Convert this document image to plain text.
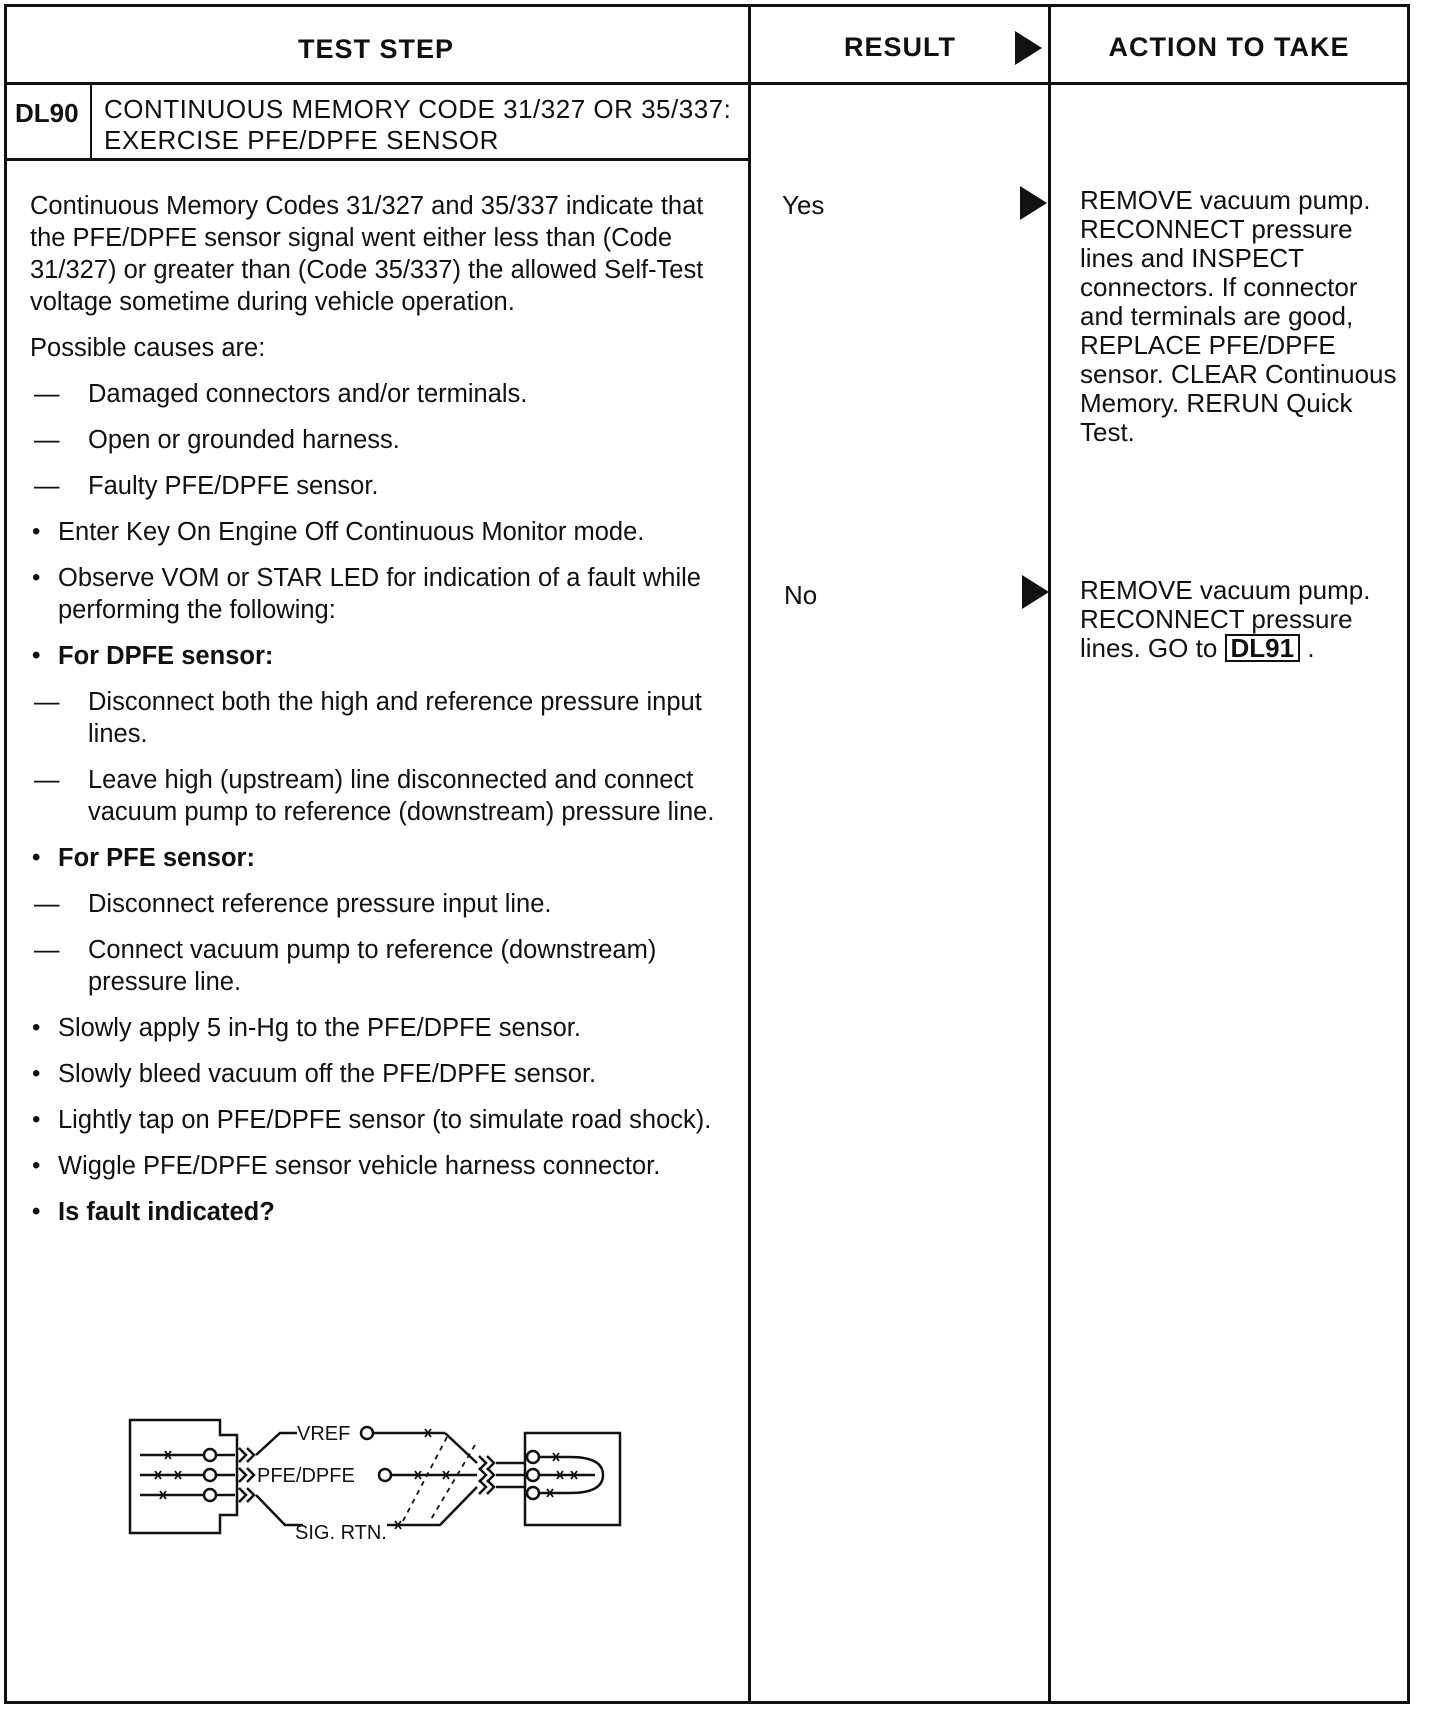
TEST STEP	RESULT	ACTION TO TAKE
DL90 CONTINUOUS MEMORY CODE 31/327 OR 35/337: EXERCISE PFE/DPFE SENSOR

Continuous Memory Codes 31/327 and 35/337 indicate that the PFE/DPFE sensor signal went either less than (Code 31/327) or greater than (Code 35/337) the allowed Self-Test voltage sometime during vehicle operation.

Possible causes are:

— Damaged connectors and/or terminals.
— Open or grounded harness.
— Faulty PFE/DPFE sensor.
• Enter Key On Engine Off Continuous Monitor mode.
• Observe VOM or STAR LED for indication of a fault while performing the following:
• For DPFE sensor:
— Disconnect both the high and reference pressure input lines.
— Leave high (upstream) line disconnected and connect vacuum pump to reference (downstream) pressure line.
• For PFE sensor:
— Disconnect reference pressure input line.
— Connect vacuum pump to reference (downstream) pressure line.
• Slowly apply 5 in-Hg to the PFE/DPFE sensor.
• Slowly bleed vacuum off the PFE/DPFE sensor.
• Lightly tap on PFE/DPFE sensor (to simulate road shock).
• Wiggle PFE/DPFE sensor vehicle harness connector.
• Is fault indicated?
VREF
PFE/DPFE
SIG. RTN.
Yes	REMOVE vacuum pump. RECONNECT pressure lines and INSPECT connectors. If connector and terminals are good, REPLACE PFE/DPFE sensor. CLEAR Continuous Memory. RERUN Quick Test.
No	REMOVE vacuum pump. RECONNECT pressure lines. GO to DL91 .
